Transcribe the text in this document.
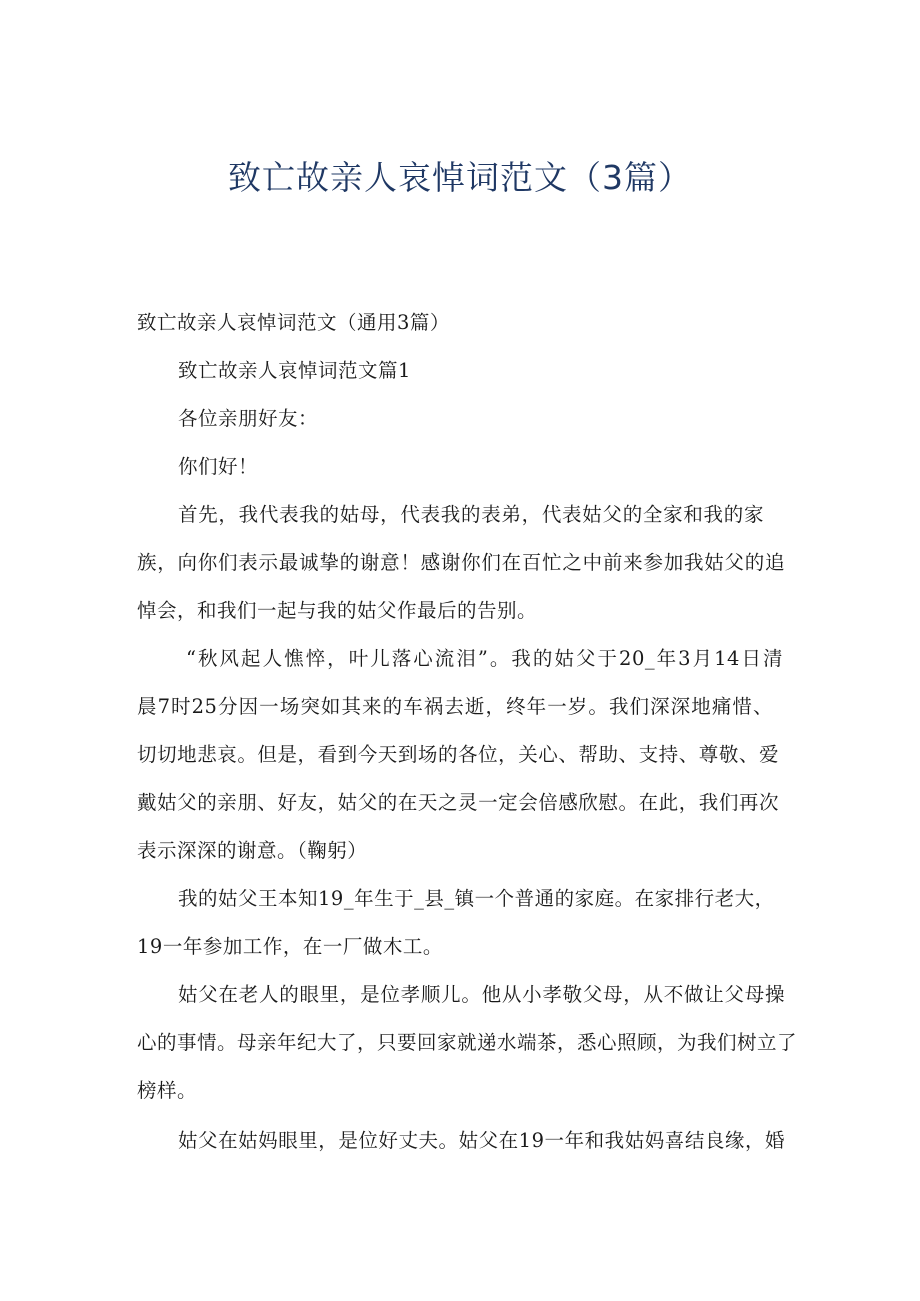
致亡故亲人哀悼词范文（3篇）

致亡故亲人哀悼词范文（通用3篇）

致亡故亲人哀悼词范文篇1

各位亲朋好友：

你们好！

首先，我代表我的姑母，代表我的表弟，代表姑父的全家和我的家

族，向你们表示最诚挚的谢意！感谢你们在百忙之中前来参加我姑父的追

悼会，和我们一起与我的姑父作最后的告别。

“秋风起人憔悴，叶儿落心流泪”。我的姑父于20_年3月14日清

晨7时25分因一场突如其来的车祸去逝，终年一岁。我们深深地痛惜、

切切地悲哀。但是，看到今天到场的各位，关心、帮助、支持、尊敬、爱

戴姑父的亲朋、好友，姑父的在天之灵一定会倍感欣慰。在此，我们再次

表示深深的谢意。（鞠躬）

我的姑父王本知19_年生于_县_镇一个普通的家庭。在家排行老大，

19一年参加工作，在一厂做木工。

姑父在老人的眼里，是位孝顺儿。他从小孝敬父母，从不做让父母操

心的事情。母亲年纪大了，只要回家就递水端茶，悉心照顾，为我们树立了

榜样。

姑父在姑妈眼里，是位好丈夫。姑父在19一年和我姑妈喜结良缘，婚
